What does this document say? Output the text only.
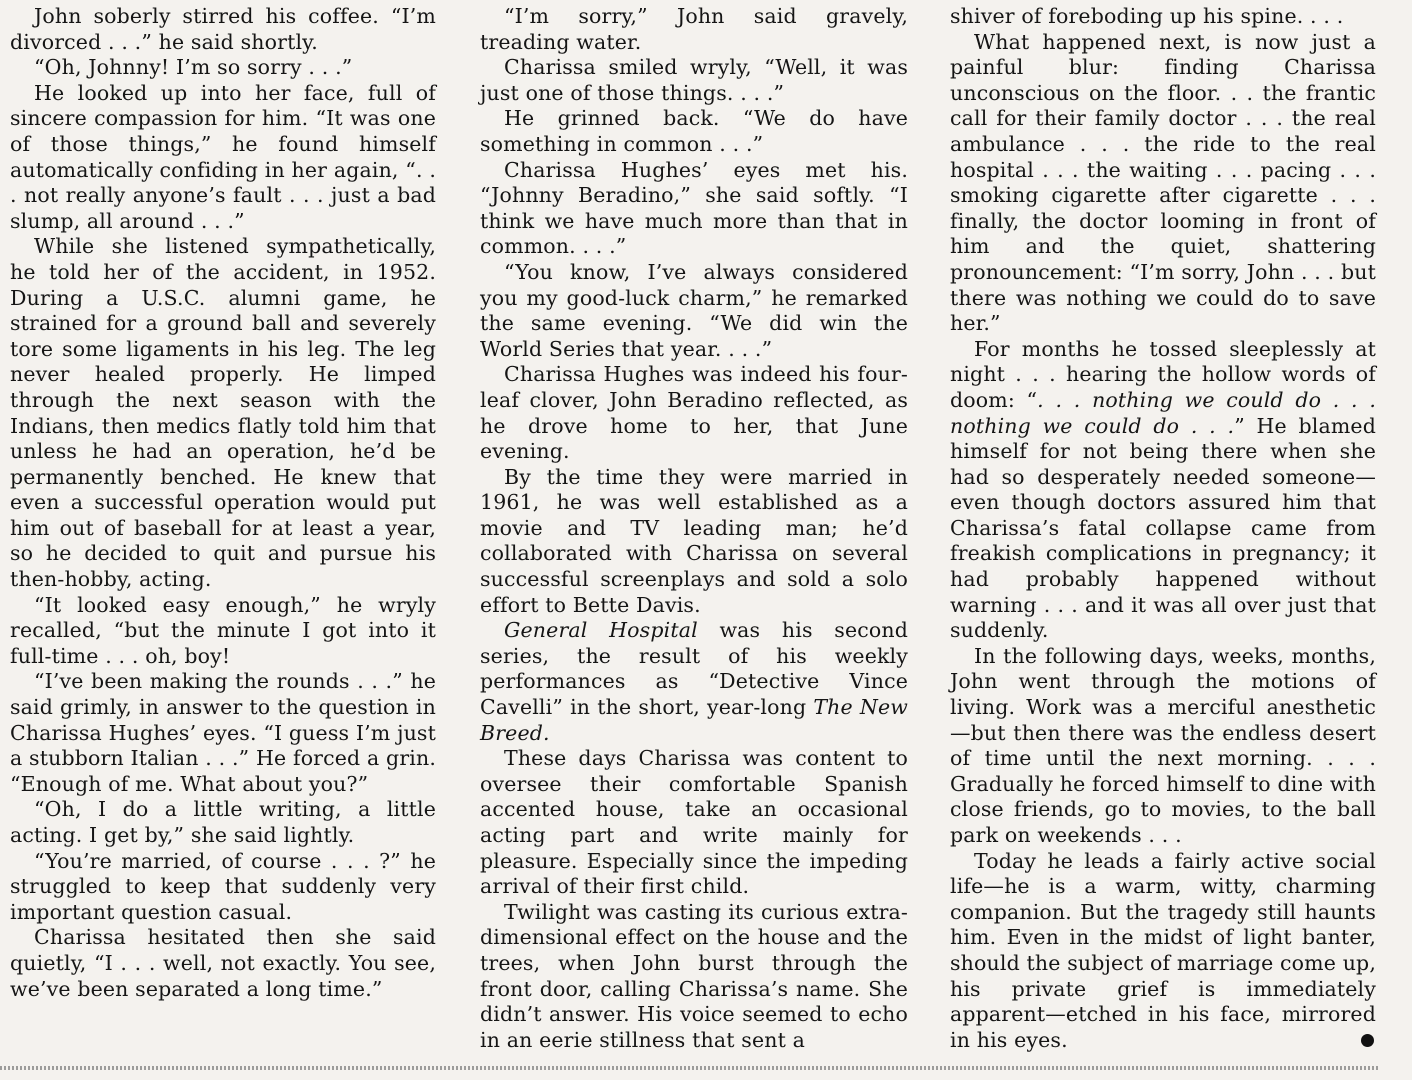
John soberly stirred his coffee. “I’m divorced . . .” he said shortly.

“Oh, Johnny! I’m so sorry . . .”

He looked up into her face, full of sincere compassion for him. “It was one of those things,” he found himself automatically confiding in her again, “. . . not really anyone’s fault . . . just a bad slump, all around . . .”

While she listened sympathetically, he told her of the accident, in 1952. During a U.S.C. alumni game, he strained for a ground ball and severely tore some ligaments in his leg. The leg never healed properly. He limped through the next season with the Indians, then medics flatly told him that unless he had an operation, he’d be permanently benched. He knew that even a successful operation would put him out of baseball for at least a year, so he decided to quit and pursue his then-hobby, acting.

“It looked easy enough,” he wryly recalled, “but the minute I got into it full-time . . . oh, boy!

“I’ve been making the rounds . . .” he said grimly, in answer to the question in Charissa Hughes’ eyes. “I guess I’m just a stubborn Italian . . .” He forced a grin. “Enough of me. What about you?”

“Oh, I do a little writing, a little acting. I get by,” she said lightly.

“You’re married, of course . . . ?” he struggled to keep that suddenly very important question casual.

Charissa hesitated then she said quietly, “I . . . well, not exactly. You see, we’ve been separated a long time.”

“I’m sorry,” John said gravely, treading water.

Charissa smiled wryly, “Well, it was just one of those things. . . .”

He grinned back. “We do have something in common . . .”

Charissa Hughes’ eyes met his. “Johnny Beradino,” she said softly. “I think we have much more than that in common. . . .”

“You know, I’ve always considered you my good-luck charm,” he remarked the same evening. “We did win the World Series that year. . . .”

Charissa Hughes was indeed his four-leaf clover, John Beradino reflected, as he drove home to her, that June evening.

By the time they were married in 1961, he was well established as a movie and TV leading man; he’d collaborated with Charissa on several successful screenplays and sold a solo effort to Bette Davis.

General Hospital was his second series, the result of his weekly performances as “Detective Vince Cavelli” in the short, year-long The New Breed.

These days Charissa was content to oversee their comfortable Spanish accented house, take an occasional acting part and write mainly for pleasure. Especially since the impeding arrival of their first child.

Twilight was casting its curious extra-dimensional effect on the house and the trees, when John burst through the front door, calling Charissa’s name. She didn’t answer. His voice seemed to echo in an eerie stillness that sent a

shiver of foreboding up his spine. . . .

What happened next, is now just a painful blur: finding Charissa unconscious on the floor. . . the frantic call for their family doctor . . . the real ambulance . . . the ride to the real hospital . . . the waiting . . . pacing . . . smoking cigarette after cigarette . . . finally, the doctor looming in front of him and the quiet, shattering pronouncement: “I’m sorry, John . . . but there was nothing we could do to save her.”

For months he tossed sleeplessly at night . . . hearing the hollow words of doom: “. . . nothing we could do . . . nothing we could do . . .” He blamed himself for not being there when she had so desperately needed someone—even though doctors assured him that Charissa’s fatal collapse came from freakish complications in pregnancy; it had probably happened without warning . . . and it was all over just that suddenly.

In the following days, weeks, months, John went through the motions of living. Work was a merciful anesthetic —but then there was the endless desert of time until the next morning. . . . Gradually he forced himself to dine with close friends, go to movies, to the ball park on weekends . . .

Today he leads a fairly active social life—he is a warm, witty, charming companion. But the tragedy still haunts him. Even in the midst of light banter, should the subject of marriage come up, his private grief is immediately apparent—etched in his face, mirrored in his eyes.
